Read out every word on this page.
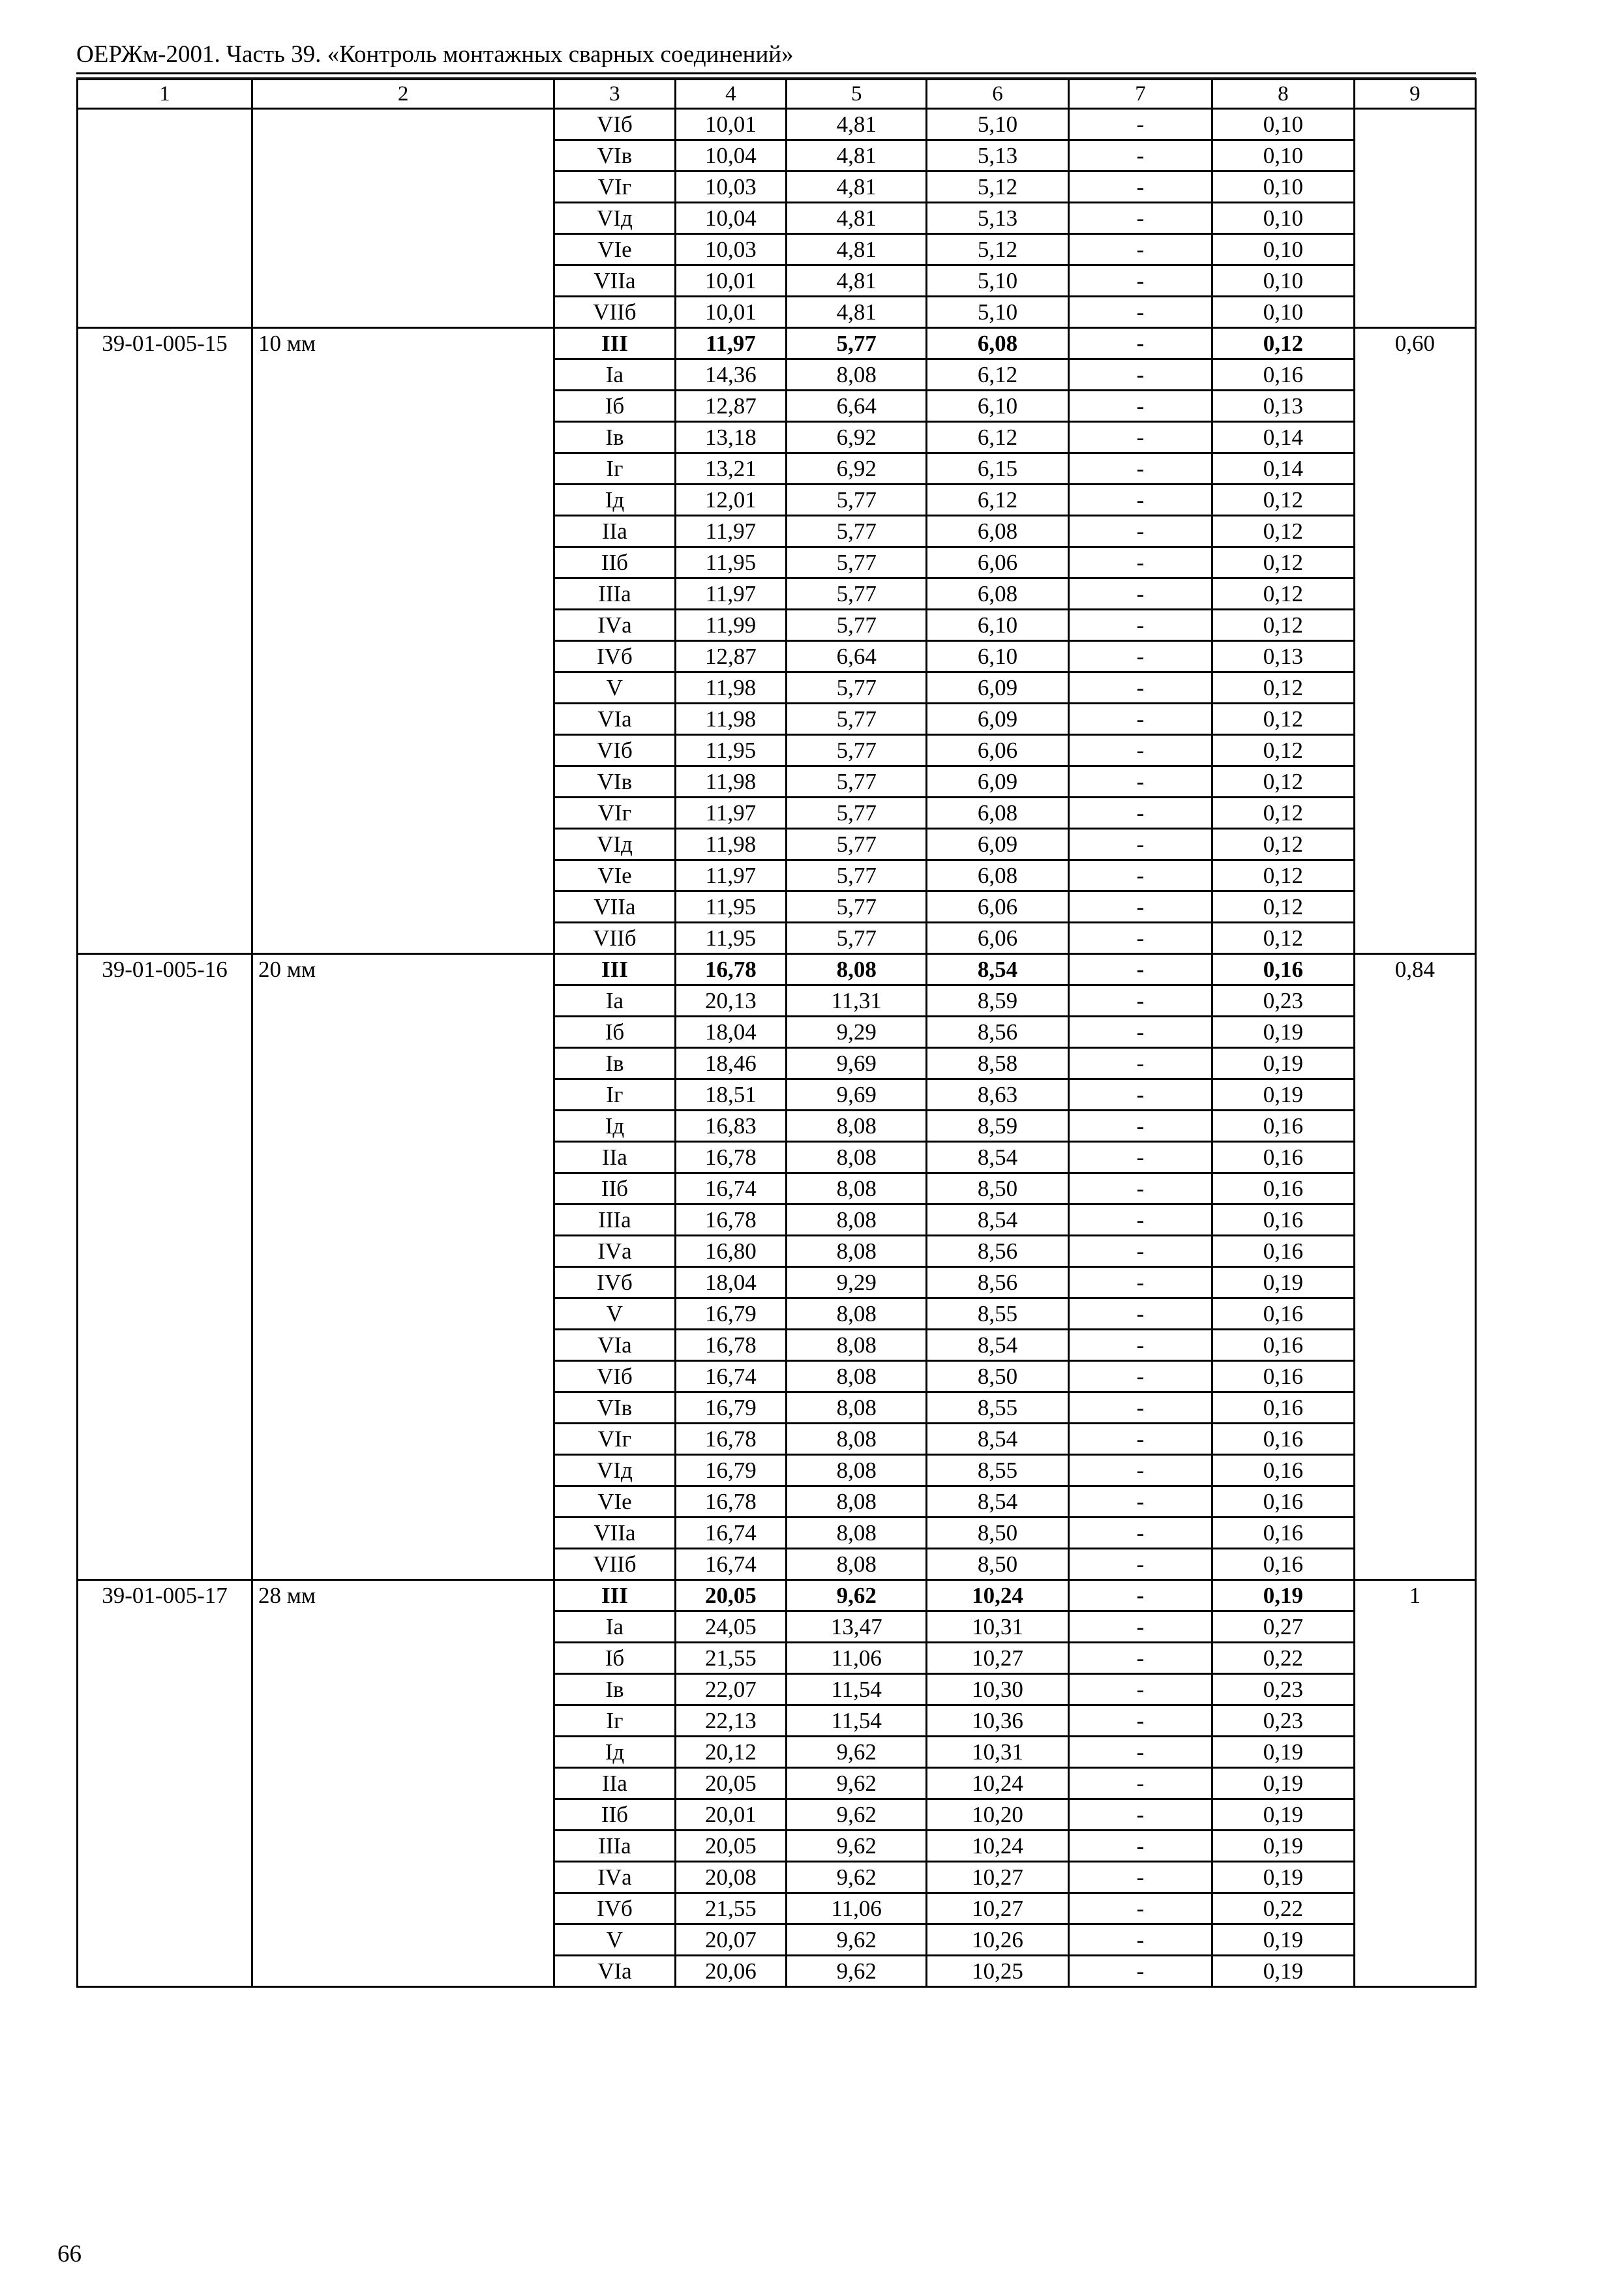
ОЕРЖм-2001. Часть 39. «Контроль монтажных сварных соединений»
1	2	3	4	5	6	7	8	9
		VIб	10,01	4,81	5,10	-	0,10	
		VIв	10,04	4,81	5,13	-	0,10	
		VIг	10,03	4,81	5,12	-	0,10	
		VIд	10,04	4,81	5,13	-	0,10	
		VIе	10,03	4,81	5,12	-	0,10	
		VIIа	10,01	4,81	5,10	-	0,10	
		VIIб	10,01	4,81	5,10	-	0,10	
39-01-005-15	10 мм	III	11,97	5,77	6,08	-	0,12	0,60
		Iа	14,36	8,08	6,12	-	0,16	
		Iб	12,87	6,64	6,10	-	0,13	
		Iв	13,18	6,92	6,12	-	0,14	
		Iг	13,21	6,92	6,15	-	0,14	
		Iд	12,01	5,77	6,12	-	0,12	
		IIа	11,97	5,77	6,08	-	0,12	
		IIб	11,95	5,77	6,06	-	0,12	
		IIIа	11,97	5,77	6,08	-	0,12	
		IVа	11,99	5,77	6,10	-	0,12	
		IVб	12,87	6,64	6,10	-	0,13	
		V	11,98	5,77	6,09	-	0,12	
		VIа	11,98	5,77	6,09	-	0,12	
		VIб	11,95	5,77	6,06	-	0,12	
		VIв	11,98	5,77	6,09	-	0,12	
		VIг	11,97	5,77	6,08	-	0,12	
		VIд	11,98	5,77	6,09	-	0,12	
		VIе	11,97	5,77	6,08	-	0,12	
		VIIа	11,95	5,77	6,06	-	0,12	
		VIIб	11,95	5,77	6,06	-	0,12	
39-01-005-16	20 мм	III	16,78	8,08	8,54	-	0,16	0,84
		Iа	20,13	11,31	8,59	-	0,23	
		Iб	18,04	9,29	8,56	-	0,19	
		Iв	18,46	9,69	8,58	-	0,19	
		Iг	18,51	9,69	8,63	-	0,19	
		Iд	16,83	8,08	8,59	-	0,16	
		IIа	16,78	8,08	8,54	-	0,16	
		IIб	16,74	8,08	8,50	-	0,16	
		IIIа	16,78	8,08	8,54	-	0,16	
		IVа	16,80	8,08	8,56	-	0,16	
		IVб	18,04	9,29	8,56	-	0,19	
		V	16,79	8,08	8,55	-	0,16	
		VIа	16,78	8,08	8,54	-	0,16	
		VIб	16,74	8,08	8,50	-	0,16	
		VIв	16,79	8,08	8,55	-	0,16	
		VIг	16,78	8,08	8,54	-	0,16	
		VIд	16,79	8,08	8,55	-	0,16	
		VIе	16,78	8,08	8,54	-	0,16	
		VIIа	16,74	8,08	8,50	-	0,16	
		VIIб	16,74	8,08	8,50	-	0,16	
39-01-005-17	28 мм	III	20,05	9,62	10,24	-	0,19	1
		Iа	24,05	13,47	10,31	-	0,27	
		Iб	21,55	11,06	10,27	-	0,22	
		Iв	22,07	11,54	10,30	-	0,23	
		Iг	22,13	11,54	10,36	-	0,23	
		Iд	20,12	9,62	10,31	-	0,19	
		IIа	20,05	9,62	10,24	-	0,19	
		IIб	20,01	9,62	10,20	-	0,19	
		IIIа	20,05	9,62	10,24	-	0,19	
		IVа	20,08	9,62	10,27	-	0,19	
		IVб	21,55	11,06	10,27	-	0,22	
		V	20,07	9,62	10,26	-	0,19	
		VIа	20,06	9,62	10,25	-	0,19	
66
